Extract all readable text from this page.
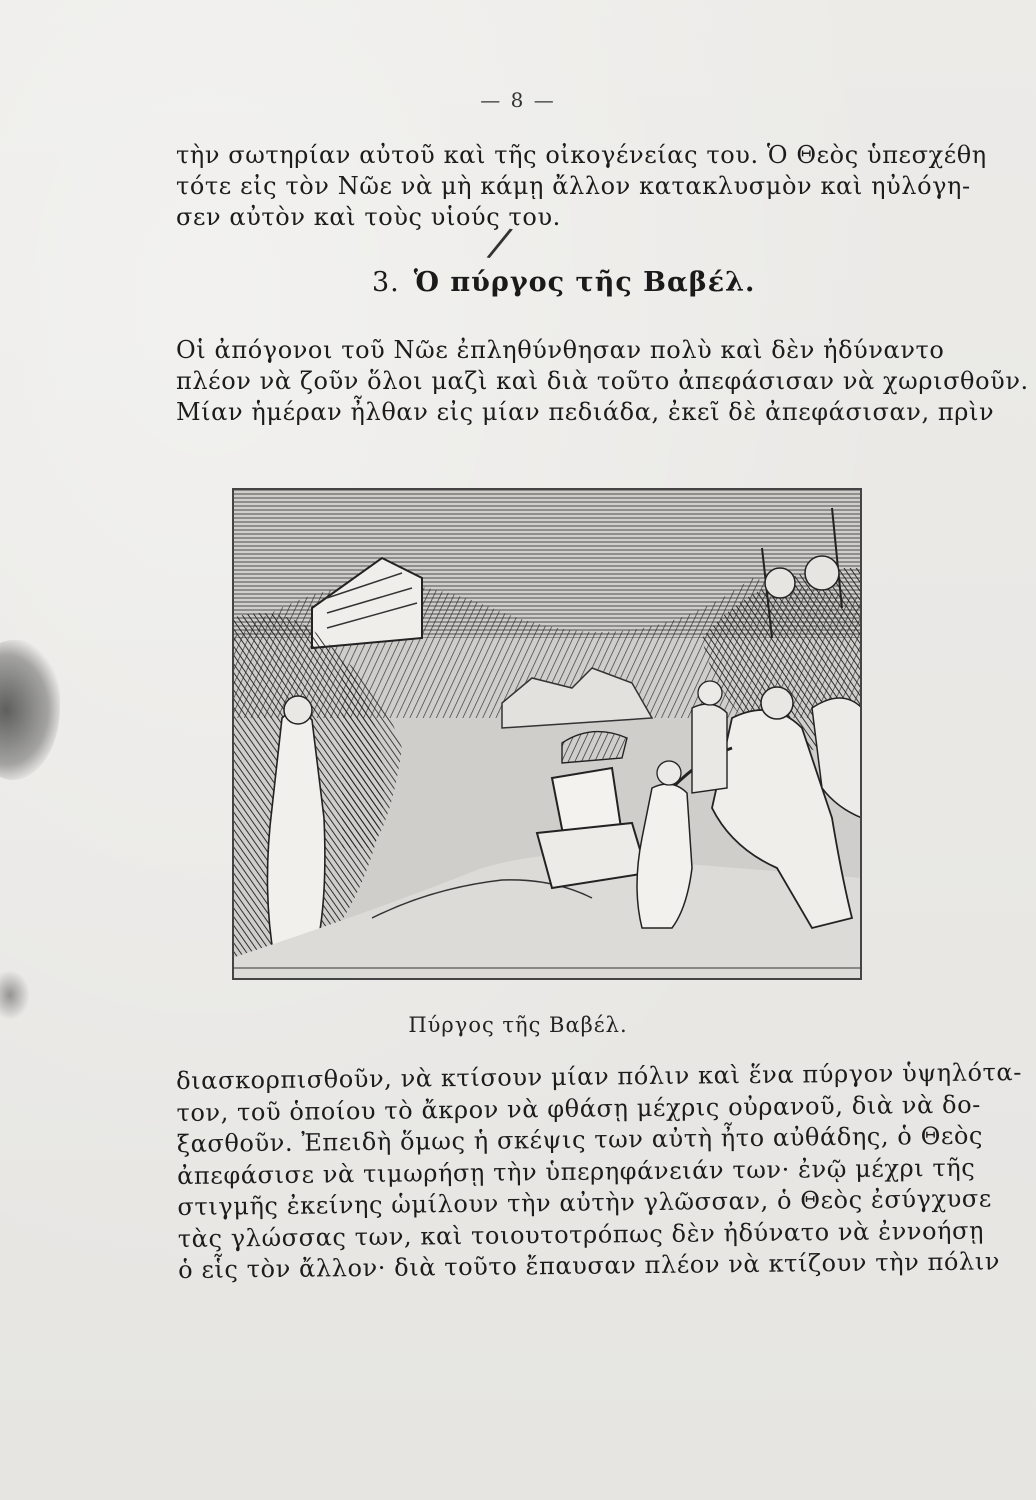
— 8 —
τὴν σωτηρίαν αὐτοῦ καὶ τῆς οἰκογένείας του. Ὁ Θεὸς ὑπεσχέθη
τότε εἰς τὸν Νῶε νὰ μὴ κάμῃ ἄλλον κατακλυσμὸν καὶ ηὐλόγη-
σεν αὐτὸν καὶ τοὺς υἱούς του.
/
3. Ὁ πύργος τῆς Βαβέλ.
Οἱ ἀπόγονοι τοῦ Νῶε ἐπληθύνθησαν πολὺ καὶ δὲν ἠδύναντο
πλέον νὰ ζοῦν ὅλοι μαζὶ καὶ διὰ τοῦτο ἀπεφάσισαν νὰ χωρισθοῦν.
Μίαν ἡμέραν ἦλθαν εἰς μίαν πεδιάδα, ἐκεῖ δὲ ἀπεφάσισαν, πρὶν
Πύργος τῆς Βαβέλ.
διασκορπισθοῦν, νὰ κτίσουν μίαν πόλιν καὶ ἕνα πύργον ὑψηλότα-
τον, τοῦ ὁποίου τὸ ἄκρον νὰ φθάσῃ μέχρις οὐρανοῦ, διὰ νὰ δο-
ξασθοῦν. Ἐπειδὴ ὅμως ἡ σκέψις των αὐτὴ ἦτο αὐθάδης, ὁ Θεὸς
ἀπεφάσισε νὰ τιμωρήσῃ τὴν ὑπερηφάνειάν των· ἐνῷ μέχρι τῆς
στιγμῆς ἐκείνης ὡμίλουν τὴν αὐτὴν γλῶσσαν, ὁ Θεὸς ἐσύγχυσε
τὰς γλώσσας των, καὶ τοιουτοτρόπως δὲν ἠδύνατο νὰ ἐννοήσῃ
ὁ εἷς τὸν ἄλλον· διὰ τοῦτο ἔπαυσαν πλέον νὰ κτίζουν τὴν πόλιν
